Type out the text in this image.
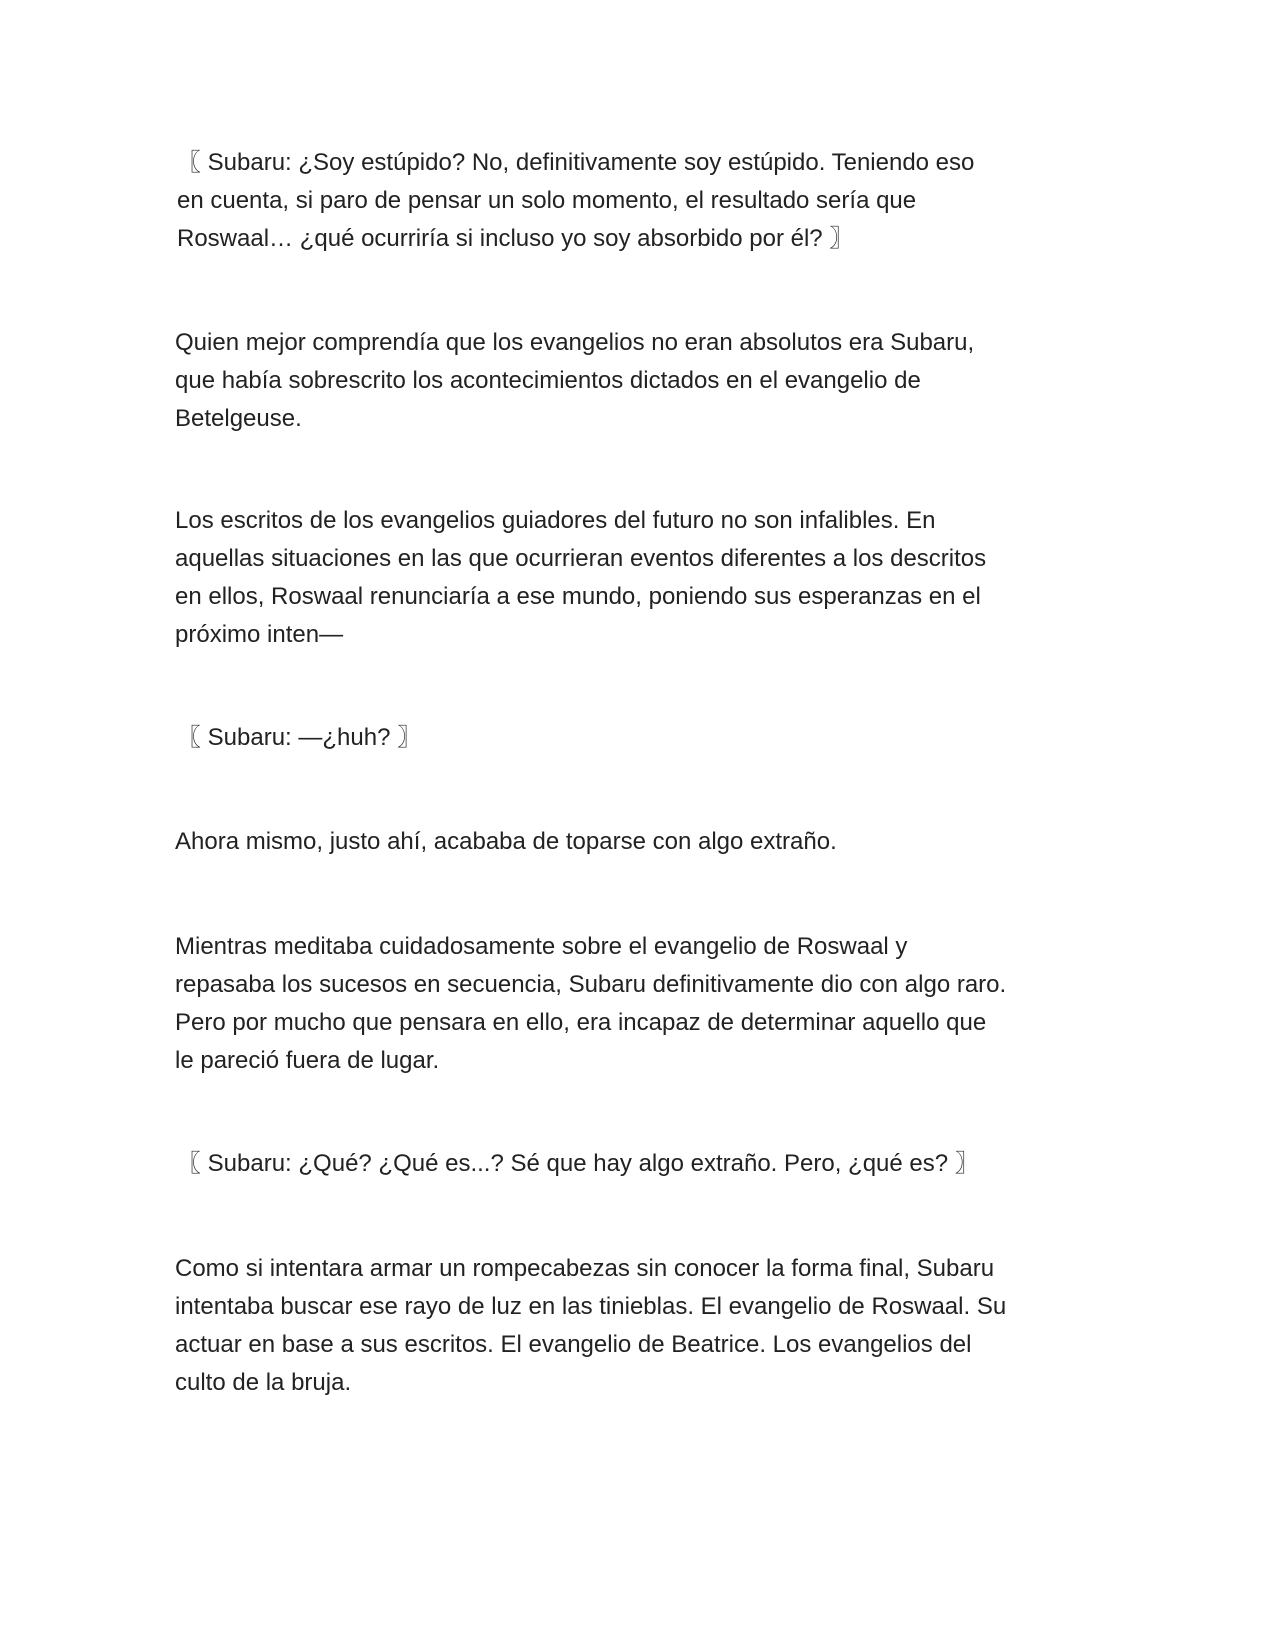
〖 Subaru: ¿Soy estúpido? No, definitivamente soy estúpido. Teniendo eso
en cuenta, si paro de pensar un solo momento, el resultado sería que
Roswaal… ¿qué ocurriría si incluso yo soy absorbido por él? 〗

Quien mejor comprendía que los evangelios no eran absolutos era Subaru,
que había sobrescrito los acontecimientos dictados en el evangelio de
Betelgeuse.

Los escritos de los evangelios guiadores del futuro no son infalibles. En
aquellas situaciones en las que ocurrieran eventos diferentes a los descritos
en ellos, Roswaal renunciaría a ese mundo, poniendo sus esperanzas en el
próximo inten—

〖 Subaru: —¿huh? 〗

Ahora mismo, justo ahí, acababa de toparse con algo extraño.

Mientras meditaba cuidadosamente sobre el evangelio de Roswaal y
repasaba los sucesos en secuencia, Subaru definitivamente dio con algo raro.
Pero por mucho que pensara en ello, era incapaz de determinar aquello que
le pareció fuera de lugar.

〖 Subaru: ¿Qué? ¿Qué es...? Sé que hay algo extraño. Pero, ¿qué es? 〗

Como si intentara armar un rompecabezas sin conocer la forma final, Subaru
intentaba buscar ese rayo de luz en las tinieblas. El evangelio de Roswaal. Su
actuar en base a sus escritos. El evangelio de Beatrice. Los evangelios del
culto de la bruja.
